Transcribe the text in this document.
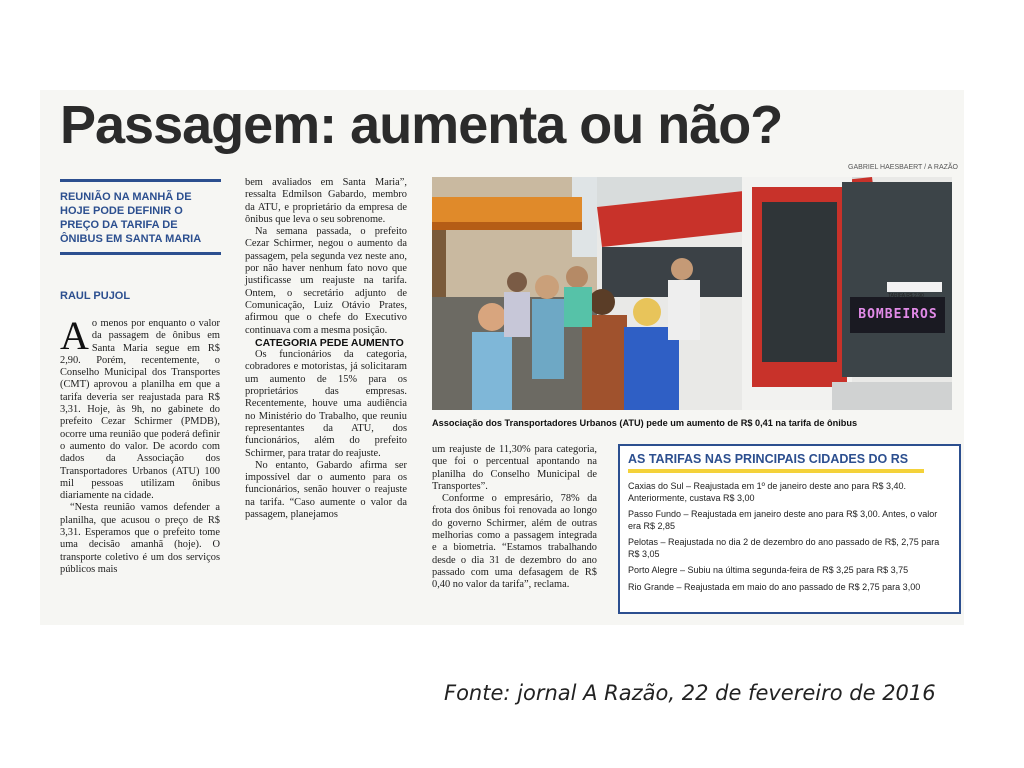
Passagem: aumenta ou não?
GABRIEL HAESBAERT / A RAZÃO
REUNIÃO NA MANHÃ DE HOJE PODE DEFINIR O PREÇO DA TARIFA DE ÔNIBUS EM SANTA MARIA
RAUL PUJOL

Ao menos por enquanto o valor da passagem de ônibus em Santa Maria segue em R$ 2,90. Porém, recentemente, o Conselho Municipal dos Transportes (CMT) aprovou a planilha em que a tarifa deveria ser reajustada para R$ 3,31. Hoje, às 9h, no gabinete do prefeito Cezar Schirmer (PMDB), ocorre uma reunião que poderá definir o aumento do valor. De acordo com dados da Associação dos Transportadores Urbanos (ATU) 100 mil pessoas utilizam ônibus diariamente na cidade.

“Nesta reunião vamos defender a planilha, que acusou o preço de R$ 3,31. Esperamos que o prefeito tome uma decisão amanhã (hoje). O transporte coletivo é um dos serviços públicos mais

bem avaliados em Santa Maria”, ressalta Edmilson Gabardo, membro da ATU, e proprietário da empresa de ônibus que leva o seu sobrenome.

Na semana passada, o prefeito Cezar Schirmer, negou o aumento da passagem, pela segunda vez neste ano, por não haver nenhum fato novo que justificasse um reajuste na tarifa. Ontem, o secretário adjunto de Comunicação, Luiz Otávio Prates, afirmou que o chefe do Executivo continuava com a mesma posição.

CATEGORIA PEDE AUMENTO

Os funcionários da categoria, cobradores e motoristas, já solicitaram um aumento de 15% para os proprietários das empresas. Recentemente, houve uma audiência no Ministério do Trabalho, que reuniu representantes da ATU, dos funcionários, além do prefeito Schirmer, para tratar do reajuste.

No entanto, Gabardo afirma ser impossível dar o aumento para os funcionários, senão houver o reajuste na tarifa. “Caso aumente o valor da passagem, planejamos

TARIFA R$ 2,90
BOMBEIROS
Associação dos Transportadores Urbanos (ATU) pede um aumento de R$ 0,41 na tarifa de ônibus

um reajuste de 11,30% para categoria, que foi o percentual apontando na planilha do Conselho Municipal de Transportes”.

Conforme o empresário, 78% da frota dos ônibus foi renovada ao longo do governo Schirmer, além de outras melhorias como a passagem integrada e a biometria. “Estamos trabalhando desde o dia 31 de dezembro do ano passado com uma defasagem de R$ 0,40 no valor da tarifa”, reclama.

AS TARIFAS NAS PRINCIPAIS CIDADES DO RS
Caxias do Sul – Reajustada em 1º de janeiro deste ano para R$ 3,40. Anteriormente, custava R$ 3,00
Passo Fundo – Reajustada em janeiro deste ano para R$ 3,00. Antes, o valor era R$ 2,85
Pelotas – Reajustada no dia 2 de dezembro do ano passado de R$, 2,75 para R$ 3,05
Porto Alegre – Subiu na última segunda-feira de R$ 3,25 para R$ 3,75
Rio Grande – Reajustada em maio do ano passado de R$ 2,75 para 3,00
Fonte: jornal A Razão, 22 de fevereiro de 2016
